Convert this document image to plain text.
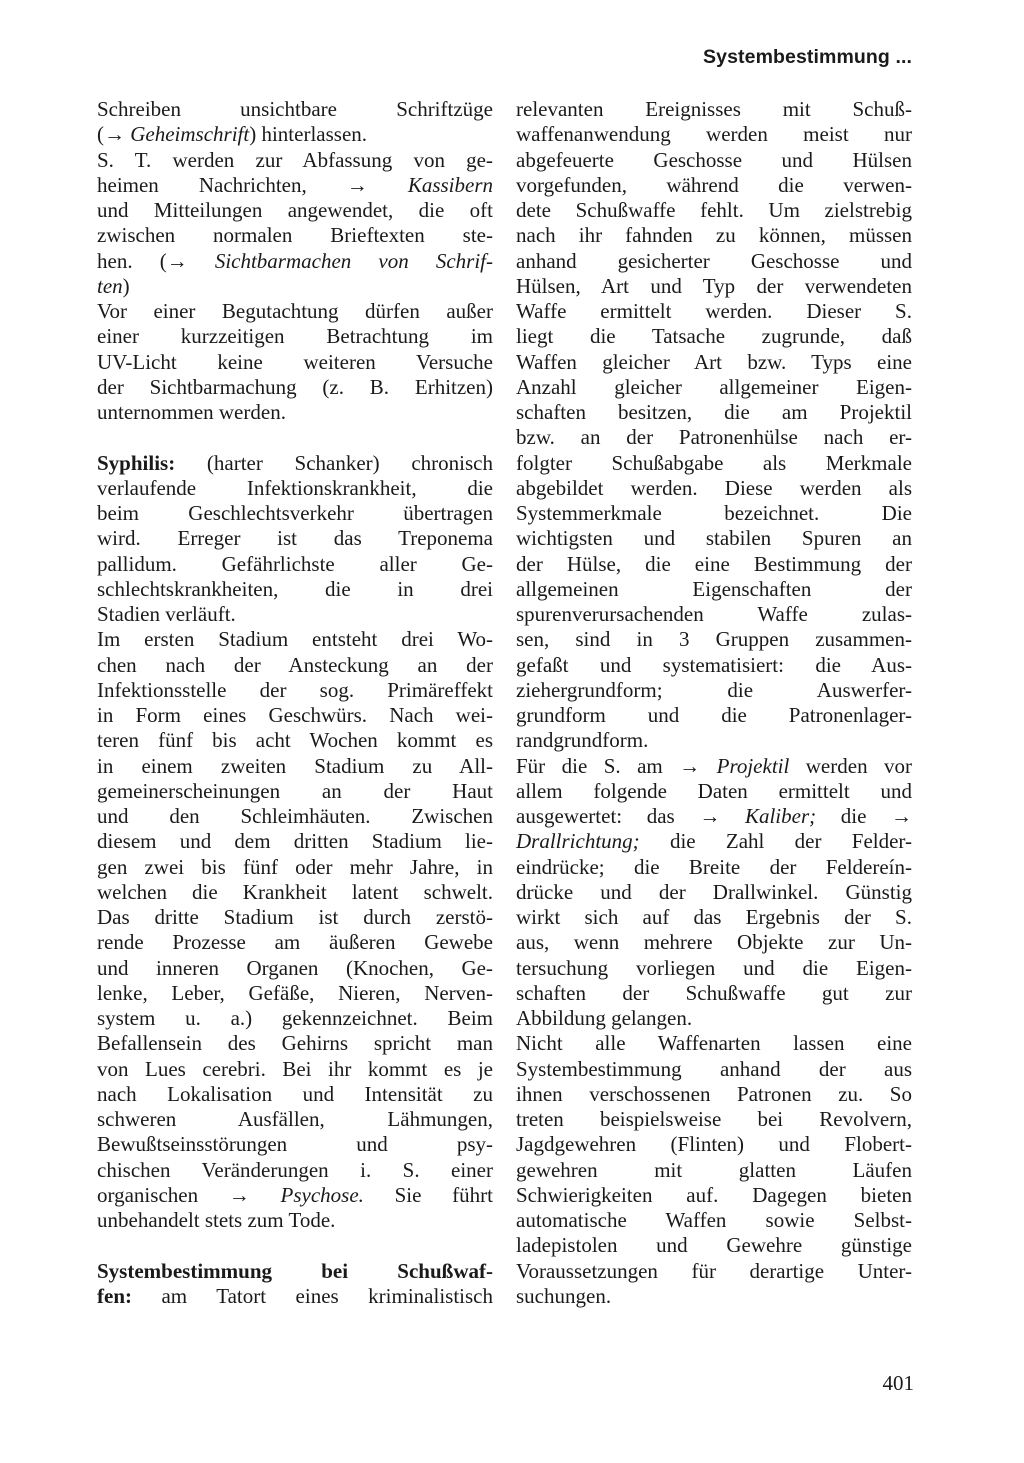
Systembestimmung ...
Schreiben unsichtbare Schriftzüge
(→ Geheimschrift) hinterlassen.
S. T. werden zur Abfassung von ge-
heimen Nachrichten, → Kassibern
und Mitteilungen angewendet, die oft
zwischen normalen Brieftexten ste-
hen. (→ Sichtbarmachen von Schrif-
ten)
Vor einer Begutachtung dürfen außer
einer kurzzeitigen Betrachtung im
UV-Licht keine weiteren Versuche
der Sichtbarmachung (z. B. Erhitzen)
unternommen werden.
Syphilis: (harter Schanker) chronisch
verlaufende Infektionskrankheit, die
beim Geschlechtsverkehr übertragen
wird. Erreger ist das Treponema
pallidum. Gefährlichste aller Ge-
schlechtskrankheiten, die in drei
Stadien verläuft.
Im ersten Stadium entsteht drei Wo-
chen nach der Ansteckung an der
Infektionsstelle der sog. Primäreffekt
in Form eines Geschwürs. Nach wei-
teren fünf bis acht Wochen kommt es
in einem zweiten Stadium zu All-
gemeinerscheinungen an der Haut
und den Schleimhäuten. Zwischen
diesem und dem dritten Stadium lie-
gen zwei bis fünf oder mehr Jahre, in
welchen die Krankheit latent schwelt.
Das dritte Stadium ist durch zerstö-
rende Prozesse am äußeren Gewebe
und inneren Organen (Knochen, Ge-
lenke, Leber, Gefäße, Nieren, Nerven-
system u. a.) gekennzeichnet. Beim
Befallensein des Gehirns spricht man
von Lues cerebri. Bei ihr kommt es je
nach Lokalisation und Intensität zu
schweren Ausfällen, Lähmungen,
Bewußtseinsstörungen und psy-
chischen Veränderungen i. S. einer
organischen → Psychose. Sie führt
unbehandelt stets zum Tode.
Systembestimmung bei Schußwaf-
fen: am Tatort eines kriminalistisch
relevanten Ereignisses mit Schuß-
waffenanwendung werden meist nur
abgefeuerte Geschosse und Hülsen
vorgefunden, während die verwen-
dete Schußwaffe fehlt. Um zielstrebig
nach ihr fahnden zu können, müssen
anhand gesicherter Geschosse und
Hülsen, Art und Typ der verwendeten
Waffe ermittelt werden. Dieser S.
liegt die Tatsache zugrunde, daß
Waffen gleicher Art bzw. Typs eine
Anzahl gleicher allgemeiner Eigen-
schaften besitzen, die am Projektil
bzw. an der Patronenhülse nach er-
folgter Schußabgabe als Merkmale
abgebildet werden. Diese werden als
Systemmerkmale bezeichnet. Die
wichtigsten und stabilen Spuren an
der Hülse, die eine Bestimmung der
allgemeinen Eigenschaften der
spurenverursachenden Waffe zulas-
sen, sind in 3 Gruppen zusammen-
gefaßt und systematisiert: die Aus-
ziehergrundform; die Auswerfer-
grundform und die Patronenlager-
randgrundform.
Für die S. am → Projektil werden vor
allem folgende Daten ermittelt und
ausgewertet: das → Kaliber; die →
Drallrichtung; die Zahl der Felder-
eindrücke; die Breite der Feldereín-
drücke und der Drallwinkel. Günstig
wirkt sich auf das Ergebnis der S.
aus, wenn mehrere Objekte zur Un-
tersuchung vorliegen und die Eigen-
schaften der Schußwaffe gut zur
Abbildung gelangen.
Nicht alle Waffenarten lassen eine
Systembestimmung anhand der aus
ihnen verschossenen Patronen zu. So
treten beispielsweise bei Revolvern,
Jagdgewehren (Flinten) und Flobert-
gewehren mit glatten Läufen
Schwierigkeiten auf. Dagegen bieten
automatische Waffen sowie Selbst-
ladepistolen und Gewehre günstige
Voraussetzungen für derartige Unter-
suchungen.
401
